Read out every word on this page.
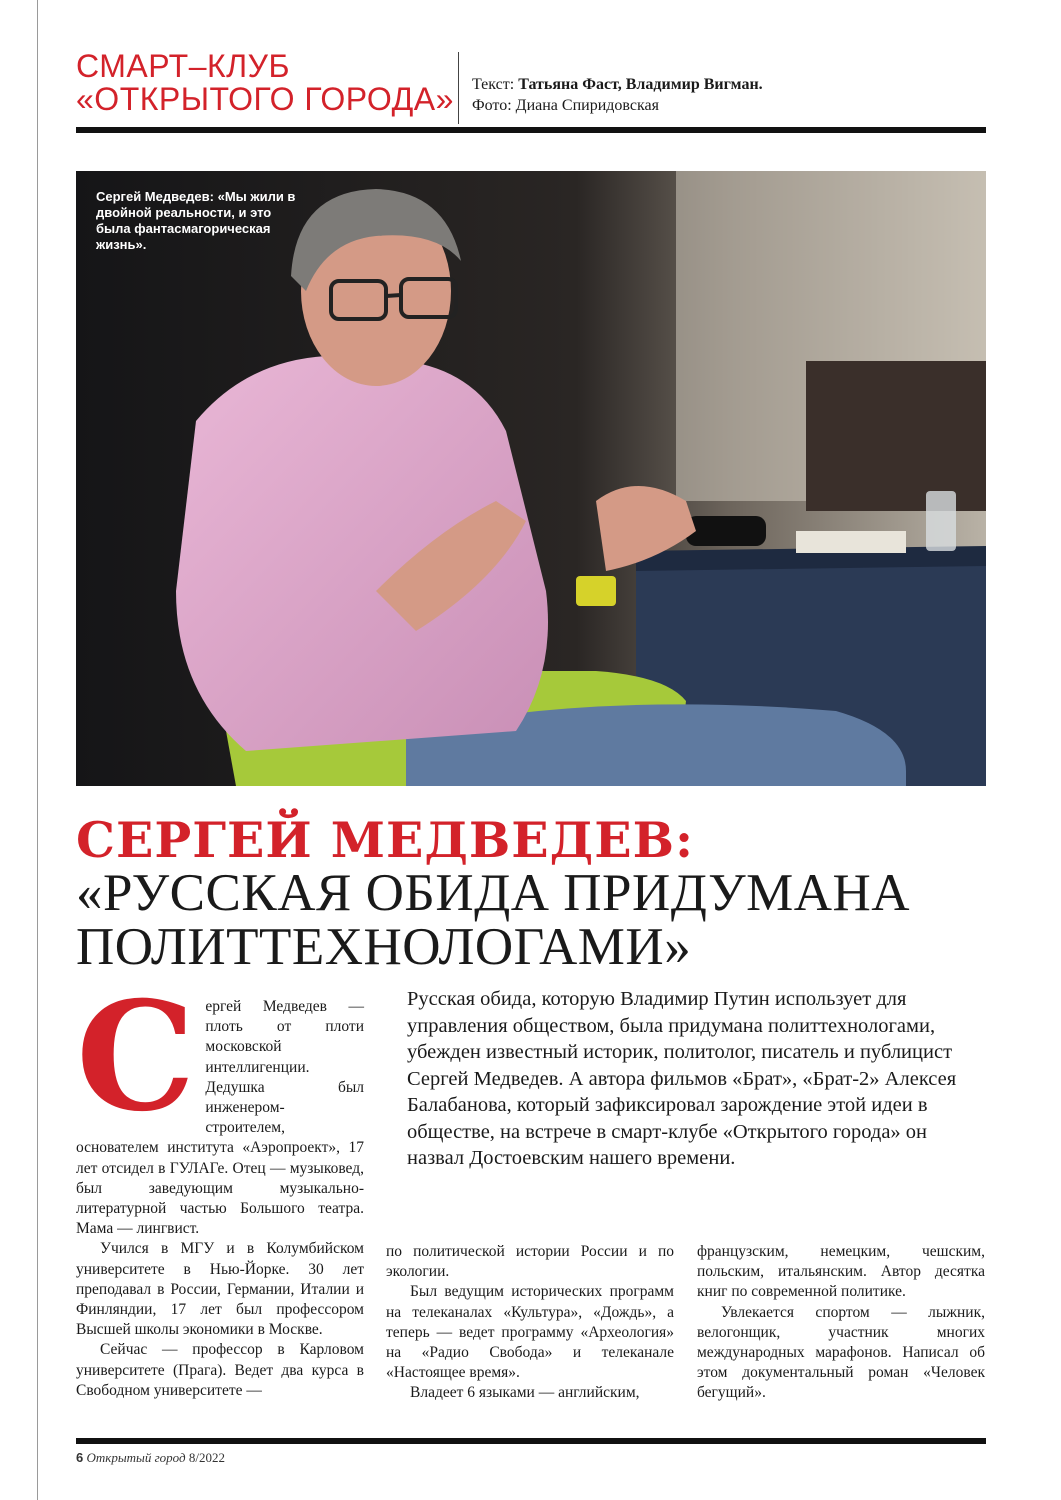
СМАРТ–КЛУБ
«ОТКРЫТОГО ГОРОДА» Текст: Татьяна Фаст, Владимир Вигман.
Фото: Диана Спиридовская
Сергей Медведев: «Мы жили в двойной реальности, и это была фантасмагорическая жизнь».
СЕРГЕЙ МЕДВЕДЕВ:
«РУССКАЯ ОБИДА ПРИДУМАНА
ПОЛИТТЕХНОЛОГАМИ»
Русская обида, которую Владимир Путин использует для управления обществом, была придумана политтехнологами, убежден известный историк, политолог, писатель и публицист Сергей Медведев. А автора фильмов «Брат», «Брат-2» Алексея Балабанова, который зафиксировал зарождение этой идеи в обществе, на встрече в смарт-клубе «Открытого города» он назвал Достоевским нашего времени.

Сергей Медведев — плоть от плоти московской интеллигенции. Дедушка был инженером-строителем, основателем института «Аэропроект», 17 лет отсидел в ГУЛАГе. Отец — музыковед, был заведующим музыкально-литературной частью Большого театра. Мама — лингвист.

Учился в МГУ и в Колумбийском университете в Нью-Йорке. 30 лет преподавал в России, Германии, Италии и Финляндии, 17 лет был профессором Высшей школы экономики в Москве.

Сейчас — профессор в Карловом университете (Прага). Ведет два курса в Свободном университете —

по политической истории России и по экологии.

Был ведущим исторических программ на телеканалах «Культура», «Дождь», а теперь — ведет программу «Археология» на «Радио Свобода» и телеканале «Настоящее время».

Владеет 6 языками — английским,

французским, немецким, чешским, польским, итальянским. Автор десятка книг по современной политике.

Увлекается спортом — лыжник, велогонщик, участник многих международных марафонов. Написал об этом документальный роман «Человек бегущий».

6 Открытый город 8/2022
